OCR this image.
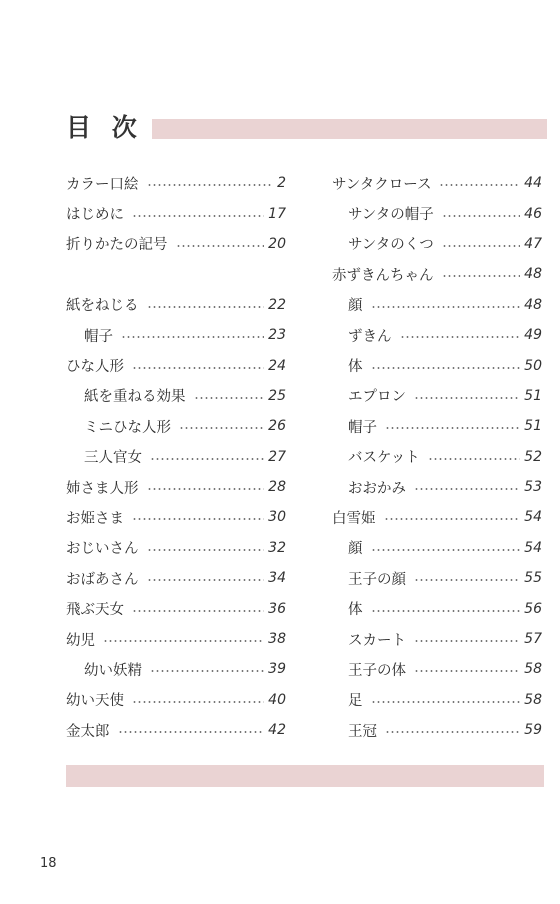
目 次
カラー口絵	2
はじめに	17
折りかたの記号	20
紙をねじる	22
帽子	23
ひな人形	24
紙を重ねる効果	25
ミニひな人形	26
三人官女	27
姉さま人形	28
お姫さま	30
おじいさん	32
おばあさん	34
飛ぶ天女	36
幼児	38
幼い妖精	39
幼い天使	40
金太郎	42
サンタクロース	44
サンタの帽子	46
サンタのくつ	47
赤ずきんちゃん	48
顔	48
ずきん	49
体	50
エプロン	51
帽子	51
バスケット	52
おおかみ	53
白雪姫	54
顔	54
王子の顔	55
体	56
スカート	57
王子の体	58
足	58
王冠	59
18
